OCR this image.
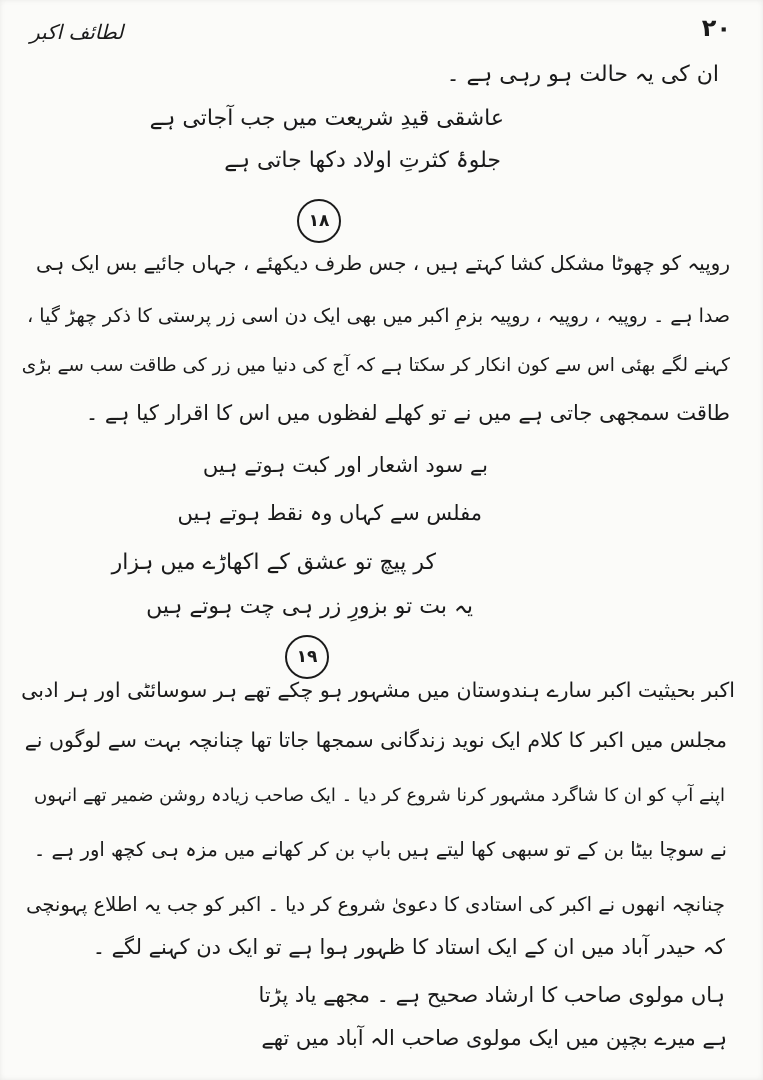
۲۰
لطائف اکبر
ان کی یہ حالت ہو رہی ہے ۔
عاشقی قیدِ شریعت میں جب آجاتی ہے
جلوۂ کثرتِ اولاد دکھا جاتی ہے
۱۸
روپیہ کو چھوٹا مشکل کشا کہتے ہیں ، جس طرف دیکھئے ، جہاں جائیے بس ایک ہی
صدا ہے ۔ روپیہ ، روپیہ ، روپیہ بزمِ اکبر میں بھی ایک دن اسی زر پرستی کا ذکر چھڑ گیا ،
کہنے لگے بھئی اس سے کون انکار کر سکتا ہے کہ آج کی دنیا میں زر کی طاقت سب سے بڑی
طاقت سمجھی جاتی ہے میں نے تو کھلے لفظوں میں اس کا اقرار کیا ہے ۔
بے سود اشعار اور کبت ہوتے ہیں
مفلس سے کہاں وہ نقط ہوتے ہیں
کر پیچ تو عشق کے اکھاڑے میں ہزار
یہ بت تو بزورِ زر ہی چت ہوتے ہیں
۱۹
اکبر بحیثیت اکبر سارے ہندوستان میں مشہور ہو چکے تھے ہر سوسائٹی اور ہر ادبی
مجلس میں اکبر کا کلام ایک نوید زندگانی سمجھا جاتا تھا چنانچہ بہت سے لوگوں نے
اپنے آپ کو ان کا شاگرد مشہور کرنا شروع کر دیا ۔ ایک صاحب زیادہ روشن ضمیر تھے انہوں
نے سوچا بیٹا بن کے تو سبھی کھا لیتے ہیں باپ بن کر کھانے میں مزہ ہی کچھ اور ہے ۔
چنانچہ انھوں نے اکبر کی استادی کا دعویٰ شروع کر دیا ۔ اکبر کو جب یہ اطلاع پہونچی
کہ حیدر آباد میں ان کے ایک استاد کا ظہور ہوا ہے تو ایک دن کہنے لگے ۔
ہاں مولوی صاحب کا ارشاد صحیح ہے ۔ مجھے یاد پڑتا
ہے میرے بچپن میں ایک مولوی صاحب الہ آباد میں تھے
